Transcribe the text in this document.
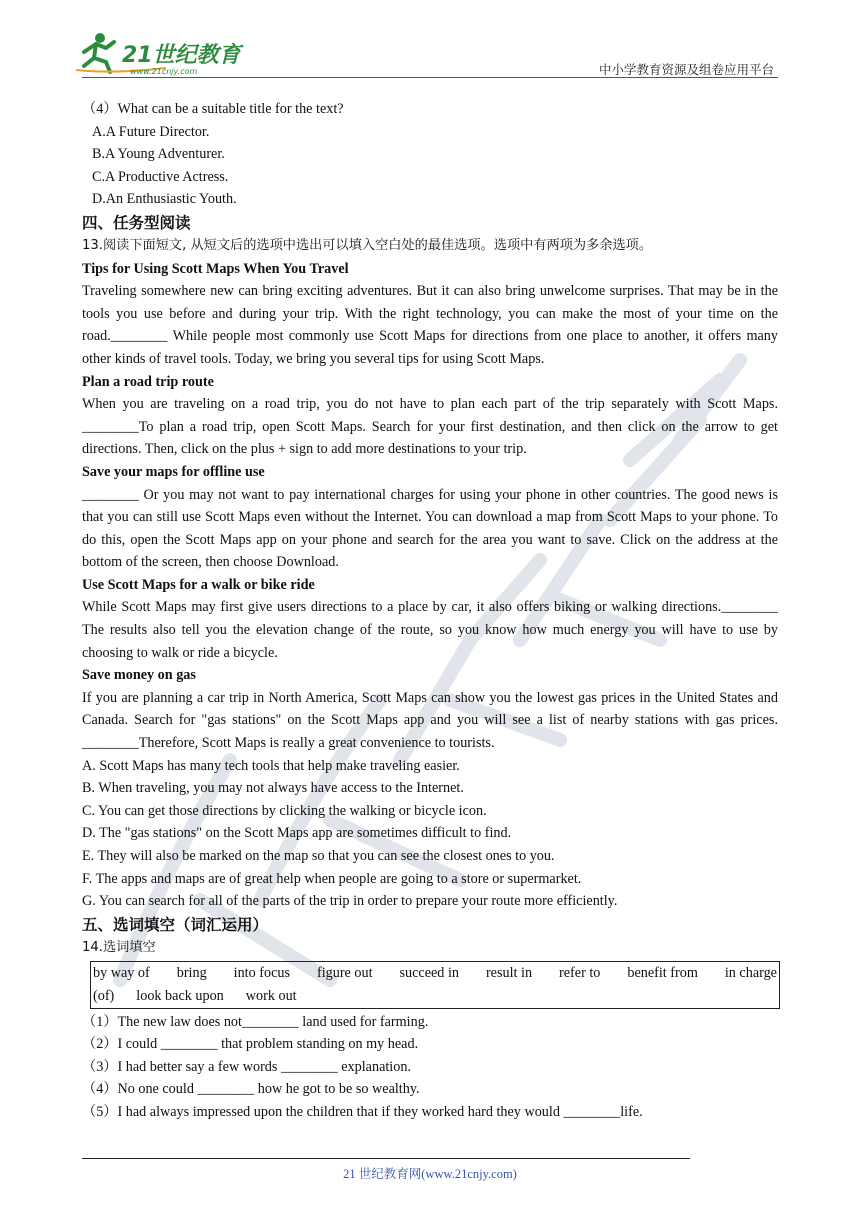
21世纪教育
www.21cnjy.com	中小学教育资源及组卷应用平台

（4）What can be a suitable title for the text?

A.A Future Director.

B.A Young Adventurer.

C.A Productive Actress.

D.An Enthusiastic Youth.

四、任务型阅读

13.阅读下面短文, 从短文后的选项中选出可以填入空白处的最佳选项。选项中有两项为多余选项。

Tips for Using Scott Maps When You Travel

Traveling somewhere new can bring exciting adventures. But it can also bring unwelcome surprises. That may be in the tools you use before and during your trip. With the right technology, you can make the most of your time on the road.________ While people most commonly use Scott Maps for directions from one place to another, it offers many other kinds of travel tools. Today, we bring you several tips for using Scott Maps.

Plan a road trip route

When you are traveling on a road trip, you do not have to plan each part of the trip separately with Scott Maps. ________To plan a road trip, open Scott Maps. Search for your first destination, and then click on the arrow to get directions. Then, click on the plus + sign to add more destinations to your trip.

Save your maps for offline use

________ Or you may not want to pay international charges for using your phone in other countries. The good news is that you can still use Scott Maps even without the Internet. You can download a map from Scott Maps to your phone. To do this, open the Scott Maps app on your phone and search for the area you want to save. Click on the address at the bottom of the screen, then choose Download.

Use Scott Maps for a walk or bike ride

While Scott Maps may first give users directions to a place by car, it also offers biking or walking directions.________ The results also tell you the elevation change of the route, so you know how much energy you will have to use by choosing to walk or ride a bicycle.

Save money on gas

If you are planning a car trip in North America, Scott Maps can show you the lowest gas prices in the United States and Canada. Search for "gas stations" on the Scott Maps app and you will see a list of nearby stations with gas prices. ________Therefore, Scott Maps is really a great convenience to tourists.

A. Scott Maps has many tech tools that help make traveling easier.

B. When traveling, you may not always have access to the Internet.

C. You can get those directions by clicking the walking or bicycle icon.

D. The "gas stations" on the Scott Maps app are sometimes difficult to find.

E. They will also be marked on the map so that you can see the closest ones to you.

F. The apps and maps are of great help when people are going to a store or supermarket.

G. You can search for all of the parts of the trip in order to prepare your route more efficiently.

五、选词填空（词汇运用）

14.选词填空

by way of bring into focus figure out succeed in result in refer to benefit from in charge
(of) look back upon work out

（1）The new law does not________ land used for farming.

（2）I could ________ that problem standing on my head.

（3）I had better say a few words ________ explanation.

（4）No one could ________ how he got to be so wealthy.

（5）I had always impressed upon the children that if they worked hard they would ________life.

21 世纪教育网(www.21cnjy.com)
